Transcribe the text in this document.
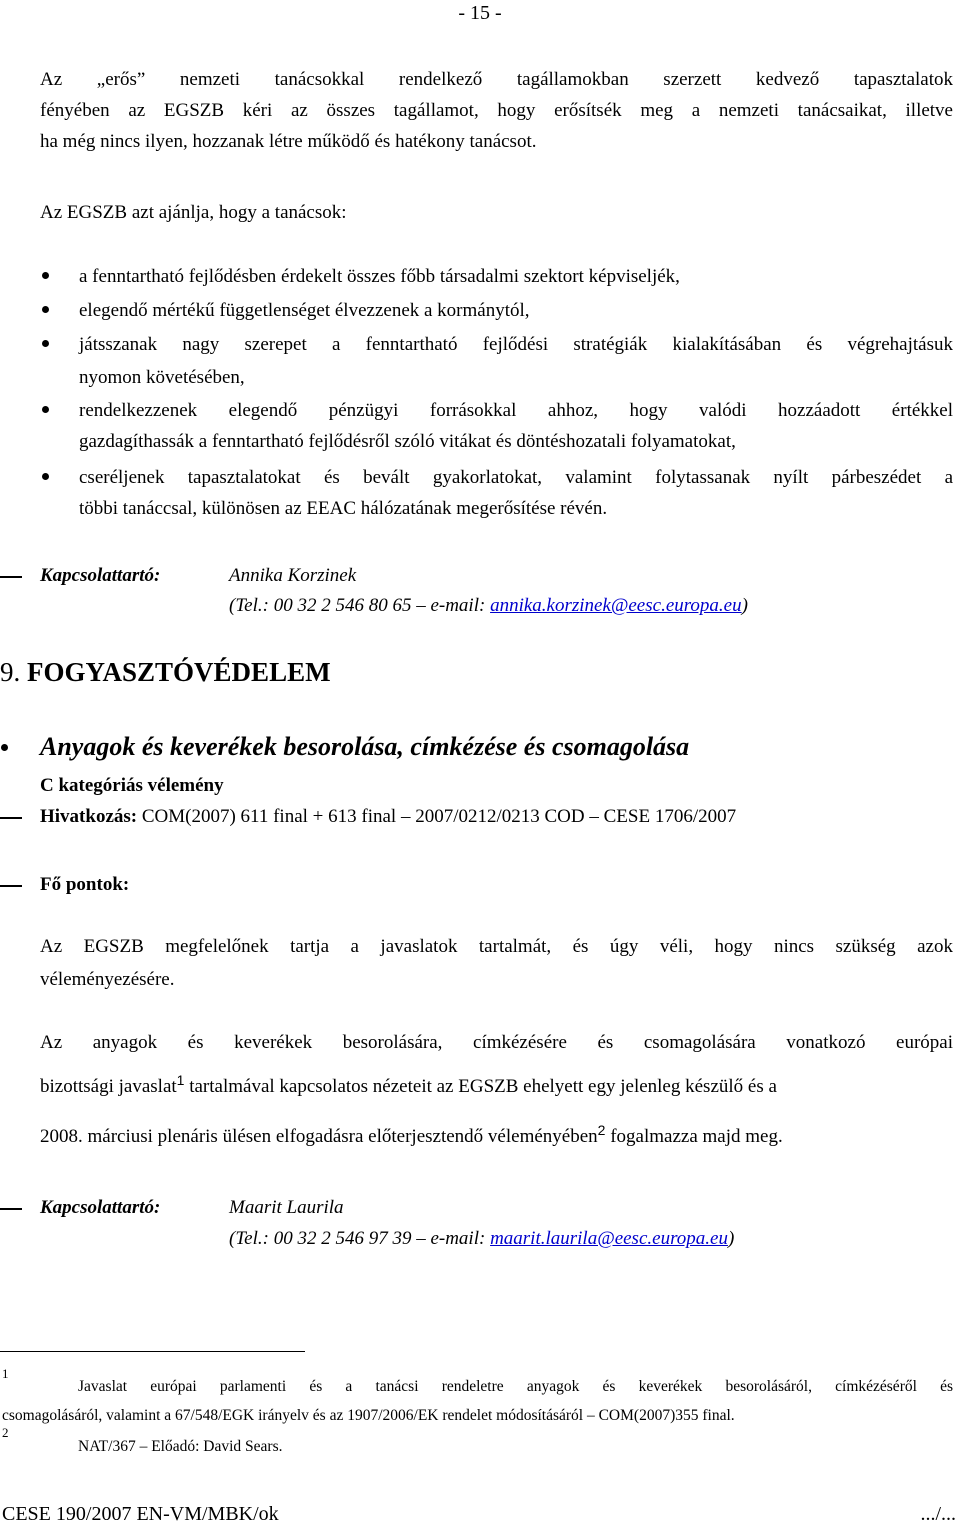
- 15 -
Az „erős” nemzeti tanácsokkal rendelkező tagállamokban szerzett kedvező tapasztalatok
fényében az EGSZB kéri az összes tagállamot, hogy erősítsék meg a nemzeti tanácsaikat, illetve
ha még nincs ilyen, hozzanak létre működő és hatékony tanácsot.
Az EGSZB azt ajánlja, hogy a tanácsok:
a fenntartható fejlődésben érdekelt összes főbb társadalmi szektort képviseljék,
elegendő mértékű függetlenséget élvezzenek a kormánytól,
játsszanak nagy szerepet a fenntartható fejlődési stratégiák kialakításában és végrehajtásuk
nyomon követésében,
rendelkezzenek elegendő pénzügyi forrásokkal ahhoz, hogy valódi hozzáadott értékkel
gazdagíthassák a fenntartható fejlődésről szóló vitákat és döntéshozatali folyamatokat,
cseréljenek tapasztalatokat és bevált gyakorlatokat, valamint folytassanak nyílt párbeszédet a
többi tanáccsal, különösen az EEAC hálózatának megerősítése révén.
Kapcsolattartó:	Annika Korzinek
(Tel.: 00 32 2 546 80 65 – e-mail: annika.korzinek@eesc.europa.eu)
9. FOGYASZTÓVÉDELEM
Anyagok és keverékek besorolása, címkézése és csomagolása
C kategóriás vélemény
Hivatkozás: COM(2007) 611 final + 613 final – 2007/0212/0213 COD – CESE 1706/2007
Fő pontok:
Az EGSZB megfelelőnek tartja a javaslatok tartalmát, és úgy véli, hogy nincs szükség azok
véleményezésére.
Az anyagok és keverékek besorolására, címkézésére és csomagolására vonatkozó európai
bizottsági javaslat$^1$ tartalmával kapcsolatos nézeteit az EGSZB ehelyett egy jelenleg készülő és a
2008. márciusi plenáris ülésen elfogadásra előterjesztendő véleményében$^2$ fogalmazza majd meg.
Kapcsolattartó:	Maarit Laurila
(Tel.: 00 32 2 546 97 39 – e-mail: maarit.laurila@eesc.europa.eu)
1
Javaslat európai parlamenti és a tanácsi rendeletre anyagok és keverékek besorolásáról, címkézéséről és
csomagolásáról, valamint a 67/548/EGK irányelv és az 1907/2006/EK rendelet módosításáról – COM(2007)355 final.
2
NAT/367 – Előadó: David Sears.
CESE 190/2007 EN-VM/MBK/ok	.../...
